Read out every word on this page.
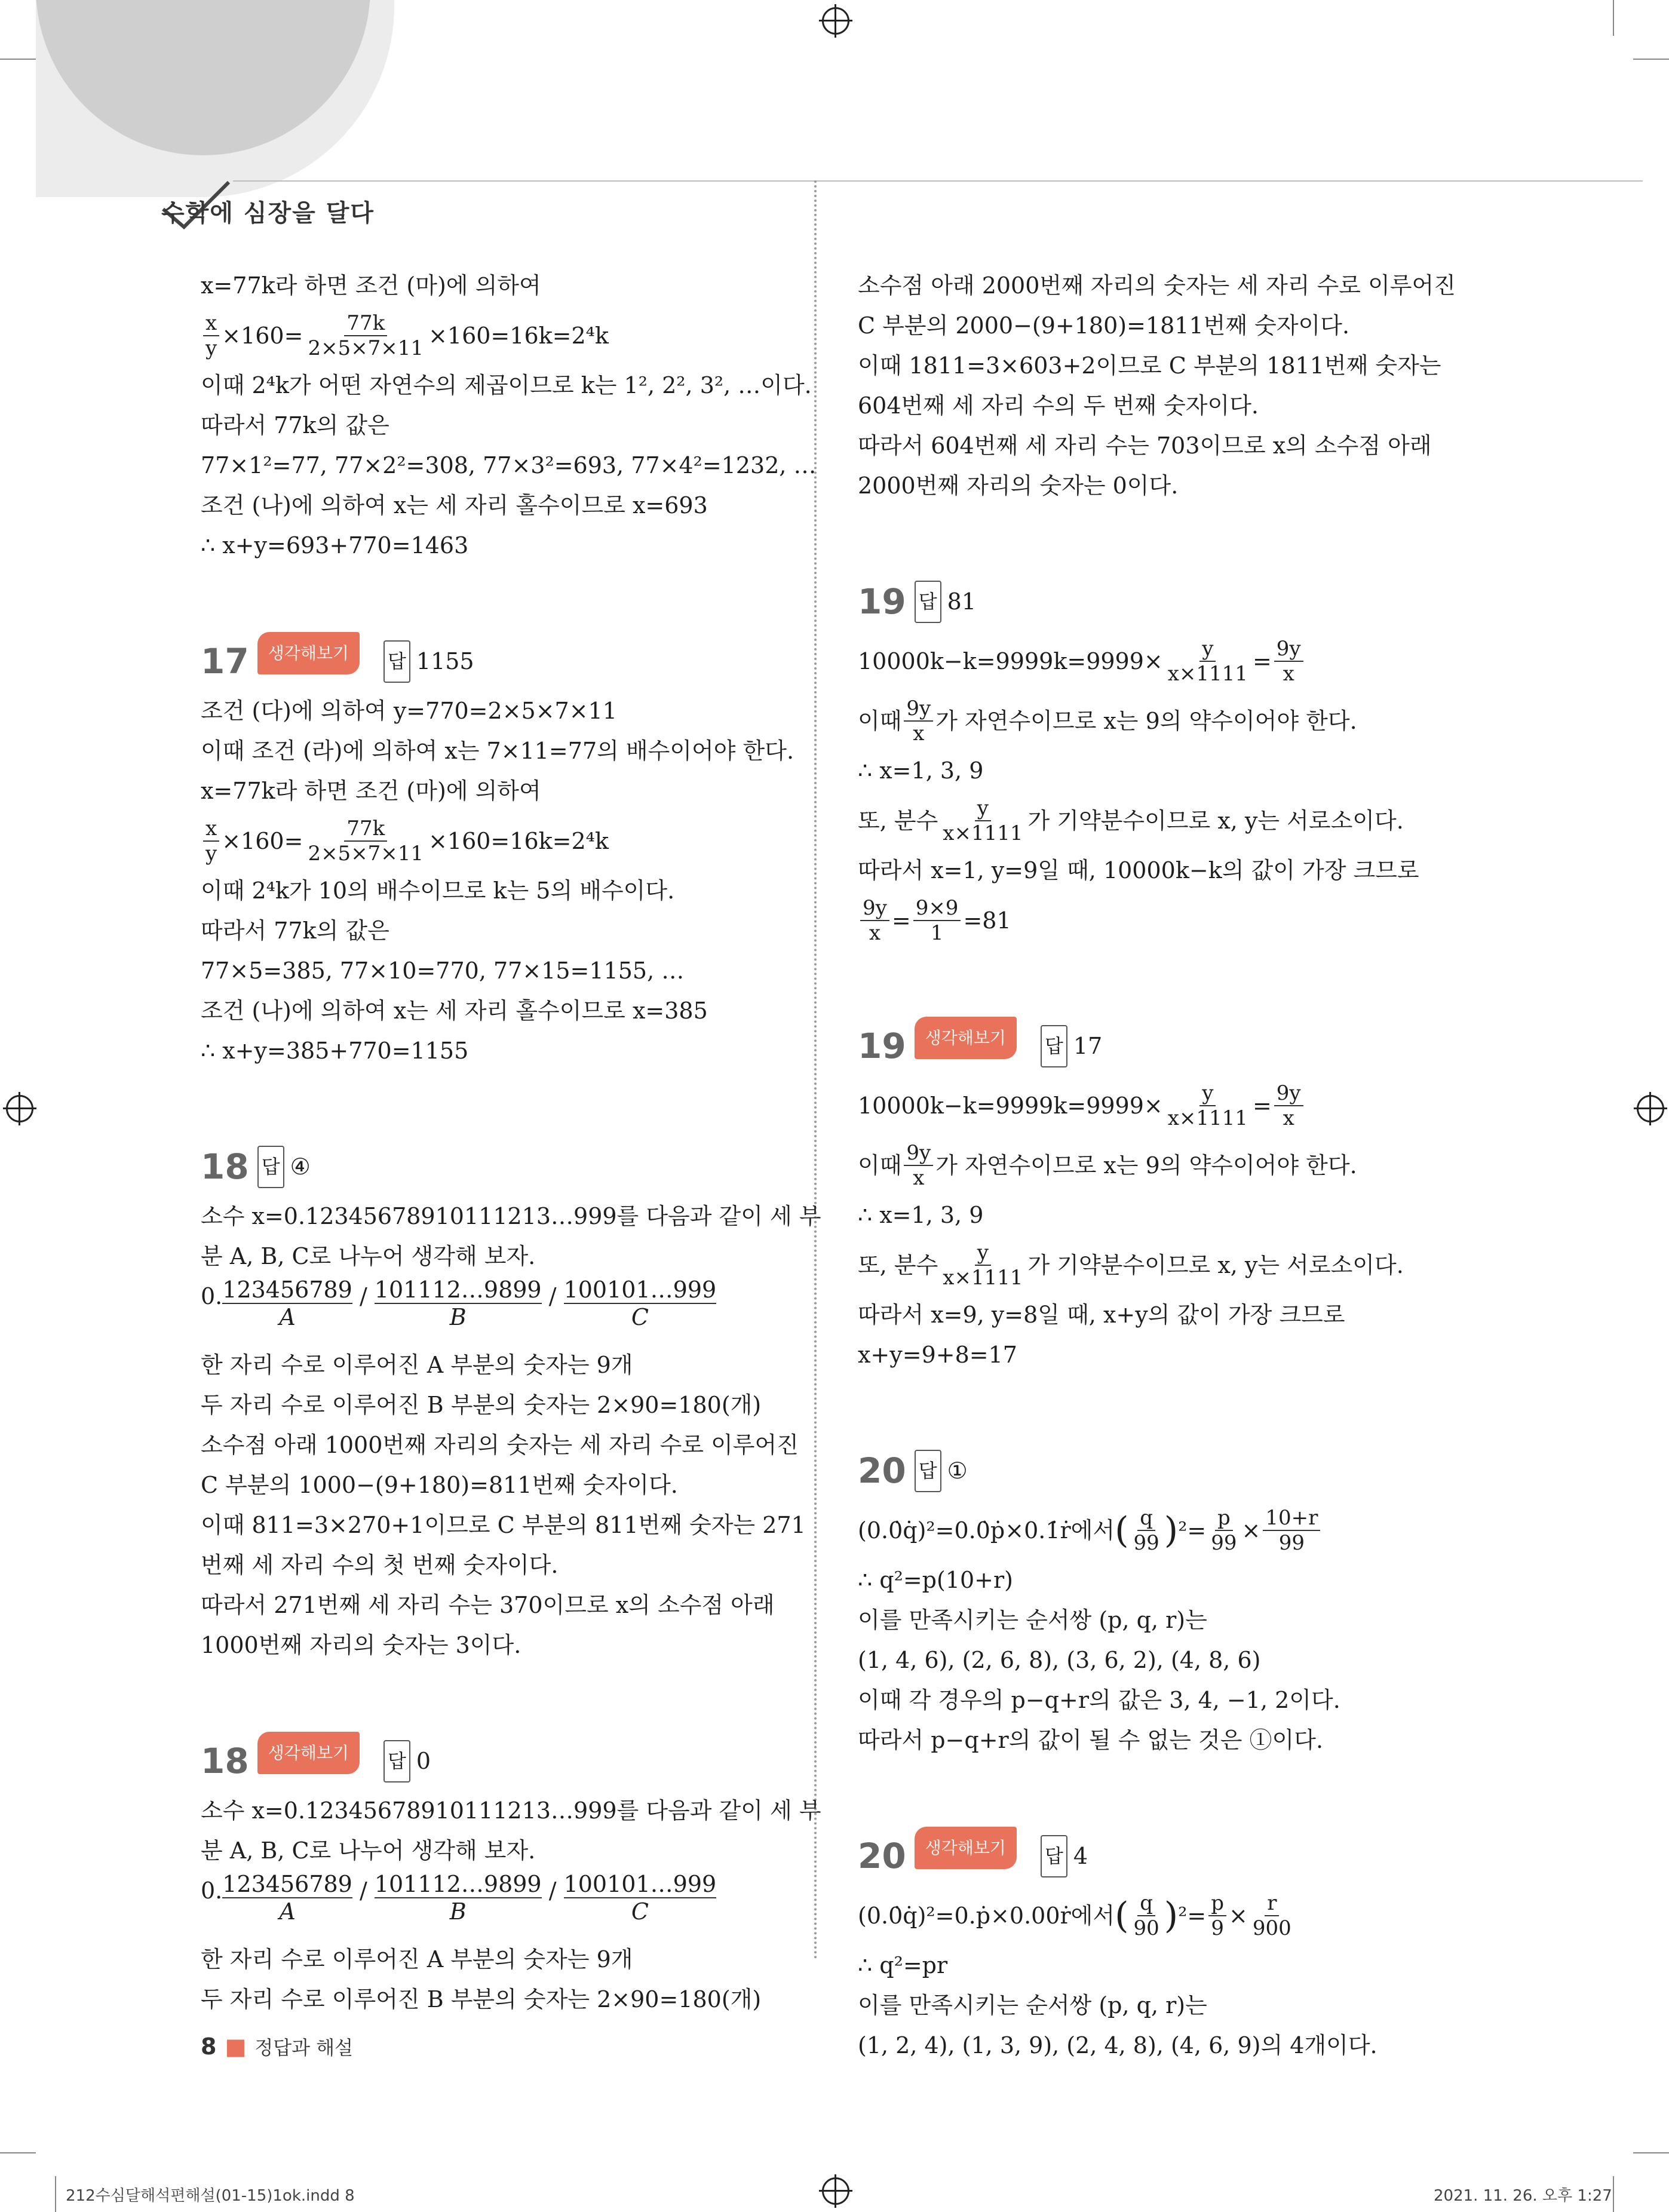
수학에 심장을 달다
x=77k라 하면 조건 (마)에 의하여
$\frac{x}{y} \times 160= \frac{77k}{2\times 5\times 7\times 11} \times 160=16k=2^4k$
이때 2⁴k가 어떤 자연수의 제곱이므로 k는 1², 2², 3², …이다.
따라서 77k의 값은
77×1²=77, 77×2²=308, 77×3²=693, 77×4²=1232, …
조건 (나)에 의하여 x는 세 자리 홀수이므로 x=693
∴ x+y=693+770=1463
17	생각해보기	답 1155
조건 (다)에 의하여 y=770=2×5×7×11
이때 조건 (라)에 의하여 x는 7×11=77의 배수이어야 한다.
x=77k라 하면 조건 (마)에 의하여
$\frac{x}{y} \times 160= \frac{77k}{2\times 5\times 7\times 11} \times 160=16k=2^4k$
이때 2⁴k가 10의 배수이므로 k는 5의 배수이다.
따라서 77k의 값은
77×5=385, 77×10=770, 77×15=1155, …
조건 (나)에 의하여 x는 세 자리 홀수이므로 x=385
∴ x+y=385+770=1155
18 답 ④
소수 x=0.12345678910111213…999를 다음과 같이 세 부
분 A, B, C로 나누어 생각해 보자.
0. $\frac{123456789}{A} / \frac{101112\dots 9899}{B} / \frac{100101\dots 999}{C}$
한 자리 수로 이루어진 A 부분의 숫자는 9개
두 자리 수로 이루어진 B 부분의 숫자는 2×90=180(개)
소수점 아래 1000번째 자리의 숫자는 세 자리 수로 이루어진
C 부분의 1000−(9+180)=811번째 숫자이다.
이때 811=3×270+1이므로 C 부분의 811번째 숫자는 271
번째 세 자리 수의 첫 번째 숫자이다.
따라서 271번째 세 자리 수는 370이므로 x의 소수점 아래
1000번째 자리의 숫자는 3이다.
18	생각해보기	답 0
소수 x=0.12345678910111213…999를 다음과 같이 세 부
분 A, B, C로 나누어 생각해 보자.
0. $\frac{123456789}{A} / \frac{101112\dots 9899}{B} / \frac{100101\dots 999}{C}$
한 자리 수로 이루어진 A 부분의 숫자는 9개
두 자리 수로 이루어진 B 부분의 숫자는 2×90=180(개)
소수점 아래 2000번째 자리의 숫자는 세 자리 수로 이루어진
C 부분의 2000−(9+180)=1811번째 숫자이다.
이때 1811=3×603+2이므로 C 부분의 1811번째 숫자는
604번째 세 자리 수의 두 번째 숫자이다.
따라서 604번째 세 자리 수는 703이므로 x의 소수점 아래
2000번째 자리의 숫자는 0이다.
19 답 81
$10000k-k=9999k=9999\times \frac{y}{x\times 1111} = \frac{9y}{x}$
이때 $\frac{9y}{x}$ 가 자연수이므로 x는 9의 약수이어야 한다.
∴ x=1, 3, 9
또, 분수 $\frac{y}{x\times 1111}$ 가 기약분수이므로 x, y는 서로소이다.
따라서 x=1, y=9일 때, 10000k−k의 값이 가장 크므로
$\frac{9y}{x} = \frac{9\times 9}{1} =81$
19	생각해보기	답 17
$10000k-k=9999k=9999\times \frac{y}{x\times 1111} = \frac{9y}{x}$
이때 $\frac{9y}{x}$ 가 자연수이므로 x는 9의 약수이어야 한다.
∴ x=1, 3, 9
또, 분수 $\frac{y}{x\times 1111}$ 가 기약분수이므로 x, y는 서로소이다.
따라서 x=9, y=8일 때, x+y의 값이 가장 크므로
x+y=9+8=17
20 답 ①
(0.0̇q̇)²=0.0̇ṗ×0.1̇ṙ에서 ( $\frac{q}{99}$ ) $^2= \frac{p}{99} \times \frac{10+r}{99}$
∴ q²=p(10+r)
이를 만족시키는 순서쌍 (p, q, r)는
(1, 4, 6), (2, 6, 8), (3, 6, 2), (4, 8, 6)
이때 각 경우의 p−q+r의 값은 3, 4, −1, 2이다.
따라서 p−q+r의 값이 될 수 없는 것은 ①이다.
20	생각해보기	답 4
(0.0̇q̇)²=0.ṗ×0.00ṙ에서 ( $\frac{q}{90}$ ) $^2= \frac{p}{9} \times \frac{r}{900}$
∴ q²=pr
이를 만족시키는 순서쌍 (p, q, r)는
(1, 2, 4), (1, 3, 9), (2, 4, 8), (4, 6, 9)의 4개이다.
8 ■ 정답과 해설
212수심달해석편해설(01-15)1ok.indd 8	2021. 11. 26. 오후 1:27
